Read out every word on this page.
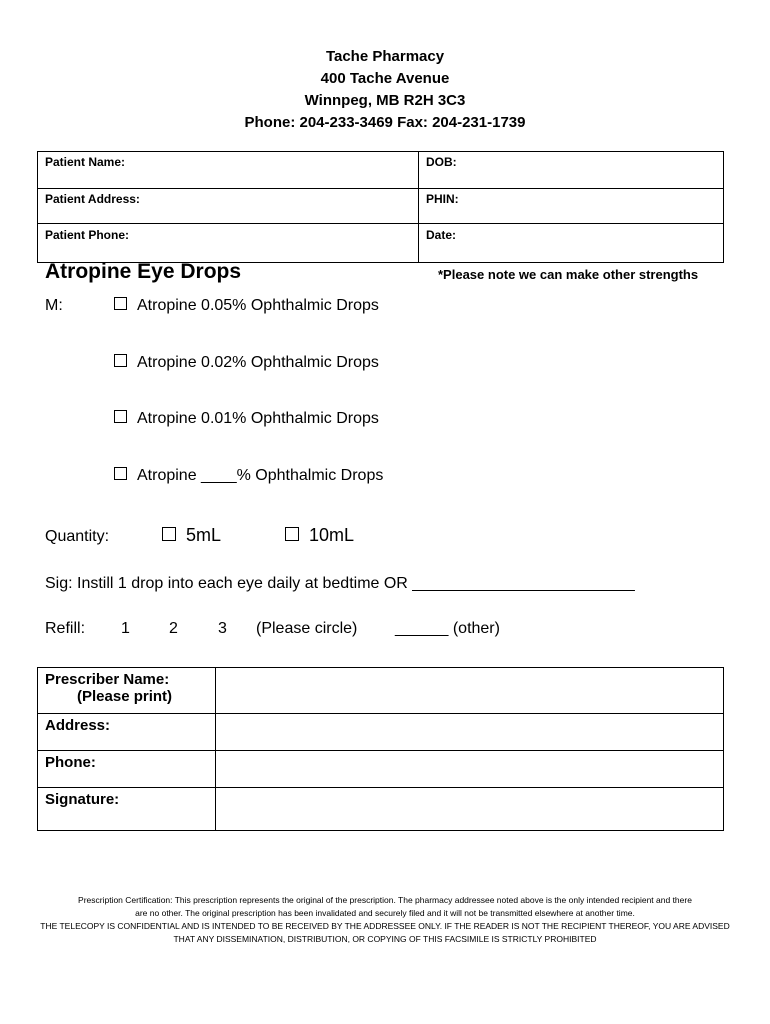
Tache Pharmacy
400 Tache Avenue
Winnpeg, MB R2H 3C3
Phone: 204-233-3469 Fax: 204-231-1739
Patient Name:	DOB:
Patient Address:	PHIN:
Patient Phone:	Date:
Atropine Eye Drops	*Please note we can make other strengths
M:	Atropine 0.05% Ophthalmic Drops
Atropine 0.02% Ophthalmic Drops
Atropine 0.01% Ophthalmic Drops
Atropine ____% Ophthalmic Drops
Quantity:	5mL	10mL
Sig: Instill 1 drop into each eye daily at bedtime OR _________________________
Refill: 1 2	3 (Please circle) ______ (other)
Prescriber Name:
(Please print)	

Address:	
Phone:	
Signature:	
Prescription Certification: This prescription represents the original of the prescription. The pharmacy addressee noted above is the only intended recipient and there
are no other. The original prescription has been invalidated and securely filed and it will not be transmitted elsewhere at another time.
THE TELECOPY IS CONFIDENTIAL AND IS INTENDED TO BE RECEIVED BY THE ADDRESSEE ONLY. IF THE READER IS NOT THE RECIPIENT THEREOF, YOU ARE ADVISED
THAT ANY DISSEMINATION, DISTRIBUTION, OR COPYING OF THIS FACSIMILE IS STRICTLY PROHIBITED
